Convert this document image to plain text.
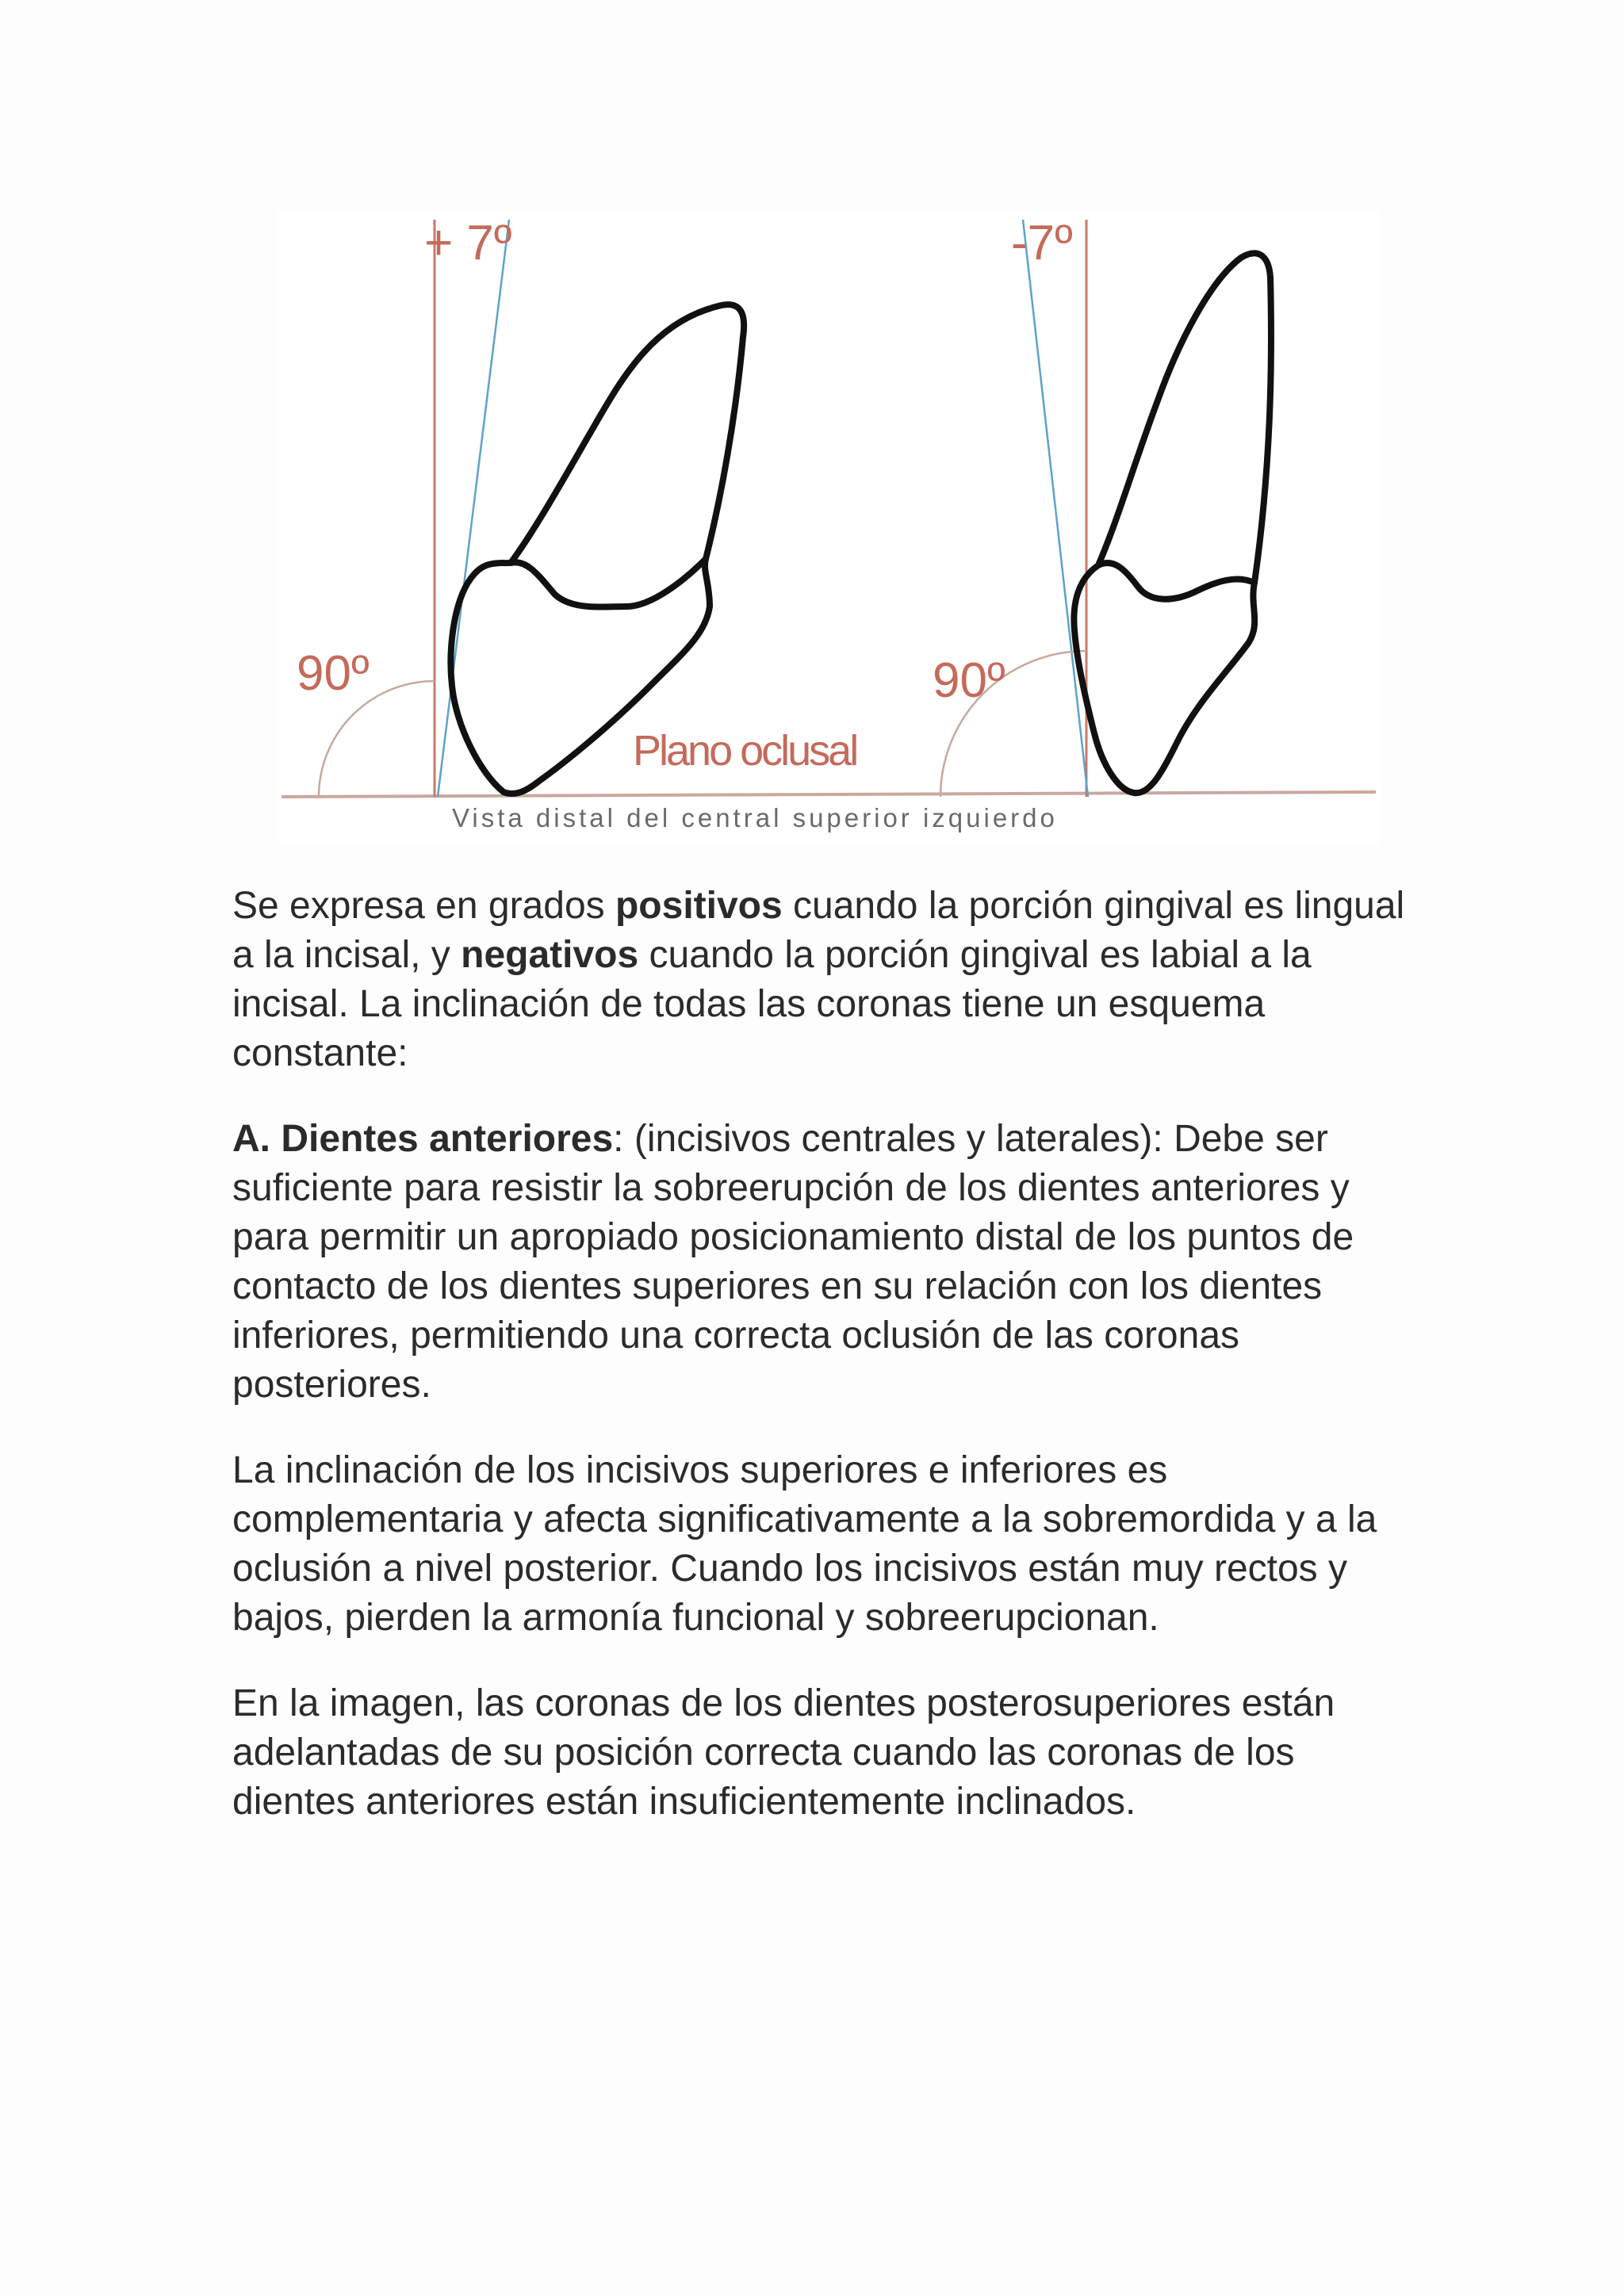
+ 7º	-7º
90º	90º
Plano oclusal
Vista distal del central superior izquierdo

Se expresa en grados positivos cuando la porción gingival es lingual a la incisal, y negativos cuando la porción gingival es labial a la incisal. La inclinación de todas las coronas tiene un esquema constante:

A. Dientes anteriores: (incisivos centrales y laterales): Debe ser suficiente para resistir la sobreerupción de los dientes anteriores y para permitir un apropiado posicionamiento distal de los puntos de contacto de los dientes superiores en su relación con los dientes inferiores, permitiendo una correcta oclusión de las coronas posteriores.

La inclinación de los incisivos superiores e inferiores es complementaria y afecta significativamente a la sobremordida y a la oclusión a nivel posterior. Cuando los incisivos están muy rectos y bajos, pierden la armonía funcional y sobreerupcionan.

En la imagen, las coronas de los dientes posterosuperiores están adelantadas de su posición correcta cuando las coronas de los dientes anteriores están insuficientemente inclinados.
